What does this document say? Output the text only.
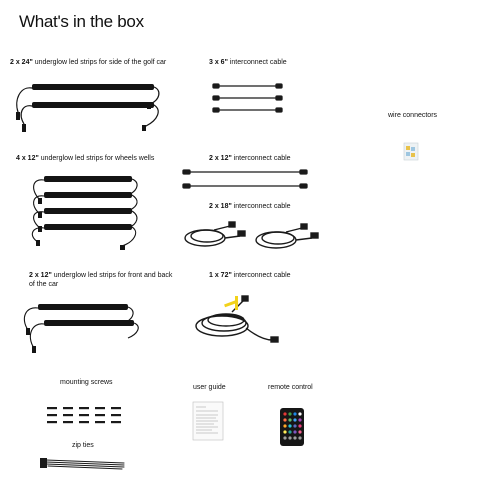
What's in the box
2 x 24" underglow led strips for side of the golf car	3 x 6" interconnect cable
wire connectors
4 x 12" underglow led strips for wheels wells	2 x 12" interconnect cable
2 x 18" interconnect cable
2 x 12" underglow led strips for front and back of the car
1 x 72" interconnect cable
mounting screws
user guide	remote control
zip ties
